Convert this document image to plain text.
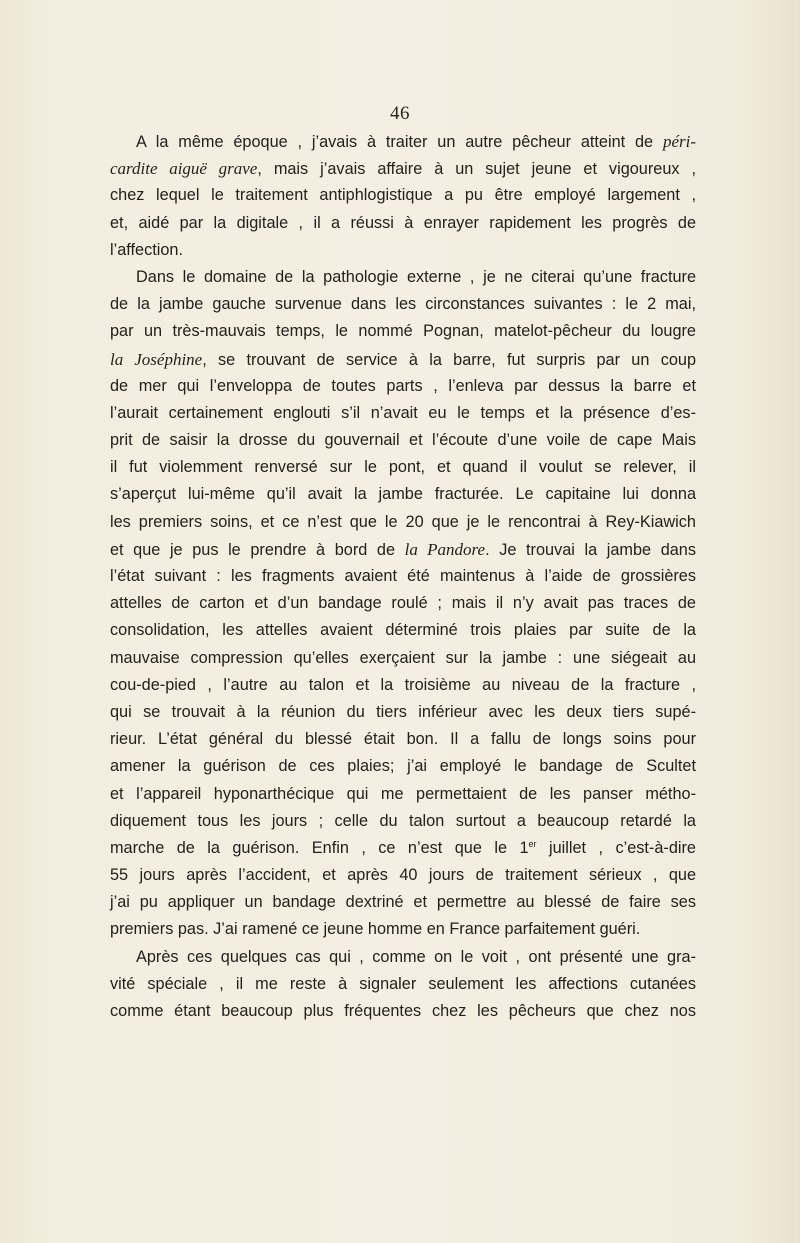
46
A la même époque , j’avais à traiter un autre pêcheur atteint de péri-
cardite aiguë grave, mais j’avais affaire à un sujet jeune et vigoureux ,
chez lequel le traitement antiphlogistique a pu être employé largement ,
et, aidé par la digitale , il a réussi à enrayer rapidement les progrès de
l’affection.
Dans le domaine de la pathologie externe , je ne citerai qu’une fracture
de la jambe gauche survenue dans les circonstances suivantes : le 2 mai,
par un très-mauvais temps, le nommé Pognan, matelot-pêcheur du lougre
la Joséphine, se trouvant de service à la barre, fut surpris par un coup
de mer qui l’enveloppa de toutes parts , l’enleva par dessus la barre et
l’aurait certainement englouti s’il n’avait eu le temps et la présence d’es-
prit de saisir la drosse du gouvernail et l’écoute d’une voile de cape Mais
il fut violemment renversé sur le pont, et quand il voulut se relever, il
s’aperçut lui-même qu’il avait la jambe fracturée. Le capitaine lui donna
les premiers soins, et ce n’est que le 20 que je le rencontrai à Rey-Kiawich
et que je pus le prendre à bord de la Pandore. Je trouvai la jambe dans
l’état suivant : les fragments avaient été maintenus à l’aide de grossières
attelles de carton et d’un bandage roulé ; mais il n’y avait pas traces de
consolidation, les attelles avaient déterminé trois plaies par suite de la
mauvaise compression qu’elles exerçaient sur la jambe : une siégeait au
cou-de-pied , l’autre au talon et la troisième au niveau de la fracture ,
qui se trouvait à la réunion du tiers inférieur avec les deux tiers supé-
rieur. L’état général du blessé était bon. Il a fallu de longs soins pour
amener la guérison de ces plaies; j’ai employé le bandage de Scultet
et l’appareil hyponarthécique qui me permettaient de les panser métho-
diquement tous les jours ; celle du talon surtout a beaucoup retardé la
marche de la guérison. Enfin , ce n’est que le 1er juillet , c’est-à-dire
55 jours après l’accident, et après 40 jours de traitement sérieux , que
j’ai pu appliquer un bandage dextriné et permettre au blessé de faire ses
premiers pas. J’ai ramené ce jeune homme en France parfaitement guéri.
Après ces quelques cas qui , comme on le voit , ont présenté une gra-
vité spéciale , il me reste à signaler seulement les affections cutanées
comme étant beaucoup plus fréquentes chez les pêcheurs que chez nos
